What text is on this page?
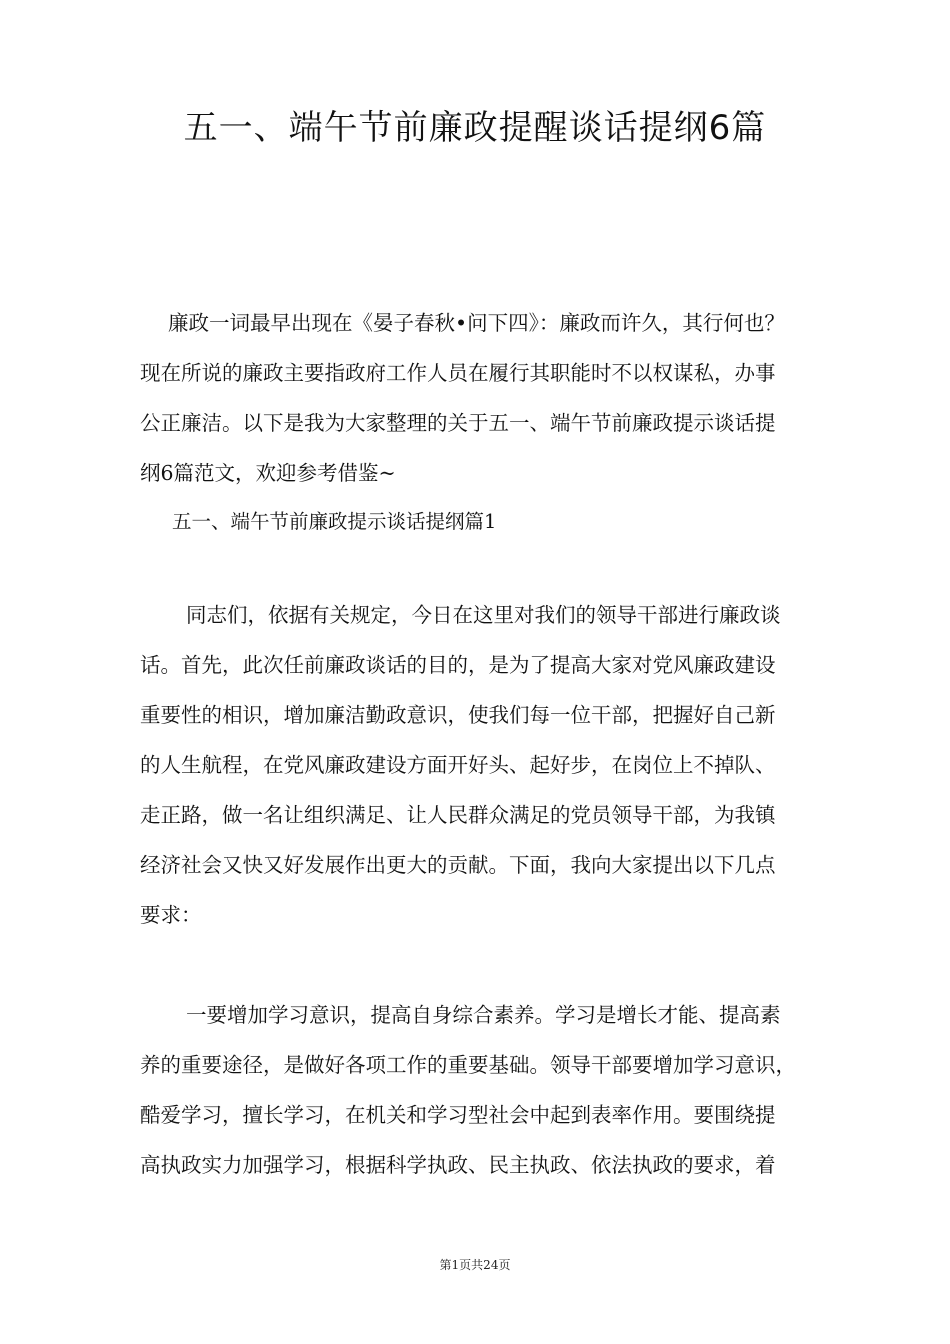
五一、端午节前廉政提醒谈话提纲6篇
廉政一词最早出现在《晏子春秋•问下四》：廉政而许久，其行何也？
现在所说的廉政主要指政府工作人员在履行其职能时不以权谋私，办事
公正廉洁。以下是我为大家整理的关于五一、端午节前廉政提示谈话提
纲6篇范文，欢迎参考借鉴~
五一、端午节前廉政提示谈话提纲篇1
同志们，依据有关规定，今日在这里对我们的领导干部进行廉政谈
话。首先，此次任前廉政谈话的目的，是为了提高大家对党风廉政建设
重要性的相识，增加廉洁勤政意识，使我们每一位干部，把握好自己新
的人生航程，在党风廉政建设方面开好头、起好步，在岗位上不掉队、
走正路，做一名让组织满足、让人民群众满足的党员领导干部，为我镇
经济社会又快又好发展作出更大的贡献。下面，我向大家提出以下几点
要求：
一要增加学习意识，提高自身综合素养。学习是增长才能、提高素
养的重要途径，是做好各项工作的重要基础。领导干部要增加学习意识，
酷爱学习，擅长学习，在机关和学习型社会中起到表率作用。要围绕提
高执政实力加强学习，根据科学执政、民主执政、依法执政的要求，着
第1页共24页
